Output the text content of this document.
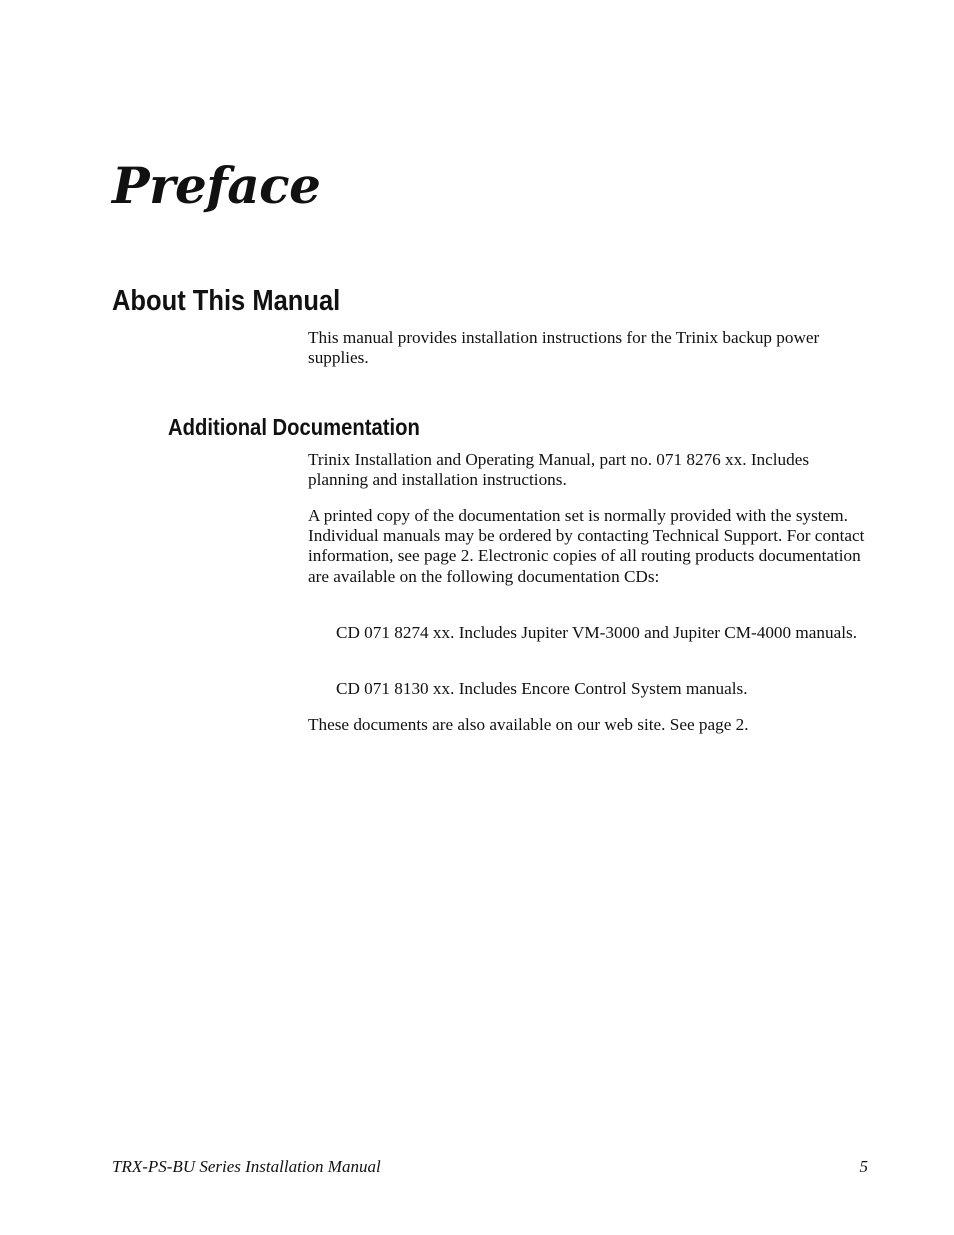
Preface
About This Manual

This manual provides installation instructions for the Trinix backup power supplies.

Additional Documentation

Trinix Installation and Operating Manual, part no. 071 8276 xx. Includes planning and installation instructions.

A printed copy of the documentation set is normally provided with the system. Individual manuals may be ordered by contacting Technical Support. For contact information, see page 2. Electronic copies of all routing products documentation are available on the following documentation CDs:

CD 071 8274 xx. Includes Jupiter VM-3000 and Jupiter CM-4000 manuals.

CD 071 8130 xx. Includes Encore Control System manuals.

These documents are also available on our web site. See page 2.

TRX-PS-BU Series Installation Manual	5
